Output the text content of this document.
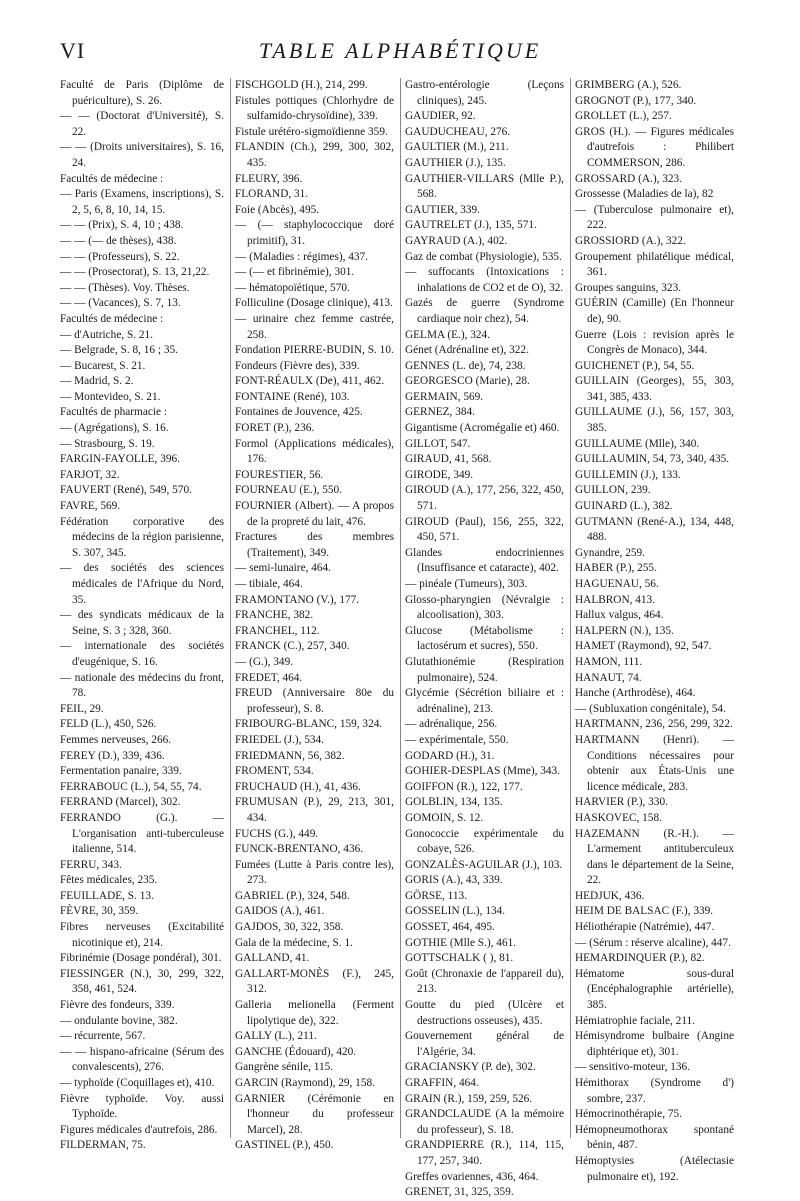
VI	TABLE ALPHABÉTIQUE

Faculté de Paris (Diplôme de puériculture), S. 26.

— — (Doctorat d'Université), S. 22.

— — (Droits universitaires), S. 16, 24.

Facultés de médecine :

— Paris (Examens, inscriptions), S. 2, 5, 6, 8, 10, 14, 15.

— — (Prix), S. 4, 10 ; 438.

— — (— de thèses), 438.

— — (Professeurs), S. 22.

— — (Prosectorat), S. 13, 21,22.

— — (Thèses). Voy. Thèses.

— — (Vacances), S. 7, 13.

Facultés de médecine :

— d'Autriche, S. 21.

— Belgrade, S. 8, 16 ; 35.

— Bucarest, S. 21.

— Madrid, S. 2.

— Montevideo, S. 21.

Facultés de pharmacie :

— (Agrégations), S. 16.

— Strasbourg, S. 19.

FARGIN-FAYOLLE, 396.

FARJOT, 32.

FAUVERT (René), 549, 570.

FAVRE, 569.

Fédération corporative des médecins de la région parisienne, S. 307, 345.

— des sociétés des sciences médicales de l'Afrique du Nord, 35.

— des syndicats médicaux de la Seine, S. 3 ; 328, 360.

— internationale des sociétés d'eugénique, S. 16.

— nationale des médecins du front, 78.

FEIL, 29.

FELD (L.), 450, 526.

Femmes nerveuses, 266.

FEREY (D.), 339, 436.

Fermentation panaire, 339.

FERRABOUC (L.), 54, 55, 74.

FERRAND (Marcel), 302.

FERRANDO (G.). — L'organisation anti-tuberculeuse italienne, 514.

FERRU, 343.

Fêtes médicales, 235.

FEUILLADE, S. 13.

FÈVRE, 30, 359.

Fibres nerveuses (Excitabilité nicotinique et), 214.

Fibrinémie (Dosage pondéral), 301.

FIESSINGER (N.), 30, 299, 322, 358, 461, 524.

Fièvre des fondeurs, 339.

— ondulante bovine, 382.

— récurrente, 567.

— — hispano-africaine (Sérum des convalescents), 276.

— typhoïde (Coquillages et), 410.

Fièvre typhoïde. Voy. aussi Typhoïde.

Figures médicales d'autrefois, 286.

FILDERMAN, 75.

FISCHGOLD (H.), 214, 299.

Fistules pottiques (Chlorhydre de sulfamido-chrysoïdine), 339.

Fistule urétéro-sigmoïdienne 359.

FLANDIN (Ch.), 299, 300, 302, 435.

FLEURY, 396.

FLORAND, 31.

Foie (Abcès), 495.

— (— staphylococcique doré primitif), 31.

— (Maladies : régimes), 437.

— (— et fibrinémie), 301.

— hématopoïétique, 570.

Folliculine (Dosage clinique), 413.

— urinaire chez femme castrée, 258.

Fondation PIERRE-BUDIN, S. 10.

Fondeurs (Fièvre des), 339.

FONT-RÉAULX (De), 411, 462.

FONTAINE (René), 103.

Fontaines de Jouvence, 425.

FORET (P.), 236.

Formol (Applications médicales), 176.

FOURESTIER, 56.

FOURNEAU (E.), 550.

FOURNIER (Albert). — A propos de la propreté du lait, 476.

Fractures des membres (Traitement), 349.

— semi-lunaire, 464.

— tibiale, 464.

FRAMONTANO (V.), 177.

FRANCHE, 382.

FRANCHEL, 112.

FRANCK (C.), 257, 340.

— (G.), 349.

FREDET, 464.

FREUD (Anniversaire 80e du professeur), S. 8.

FRIBOURG-BLANC, 159, 324.

FRIEDEL (J.), 534.

FRIEDMANN, 56, 382.

FROMENT, 534.

FRUCHAUD (H.), 41, 436.

FRUMUSAN (P.), 29, 213, 301, 434.

FUCHS (G.), 449.

FUNCK-BRENTANO, 436.

Fumées (Lutte à Paris contre les), 273.

GABRIEL (P.), 324, 548.

GAIDOS (A.), 461.

GAJDOS, 30, 322, 358.

Gala de la médecine, S. 1.

GALLAND, 41.

GALLART-MONÈS (F.), 245, 312.

Galleria melionella (Ferment lipolytique de), 322.

GALLY (L.), 211.

GANCHE (Édouard), 420.

Gangrène sénile, 115.

GARCIN (Raymond), 29, 158.

GARNIER (Cérémonie en l'honneur du professeur Marcel), 28.

GASTINEL (P.), 450.

Gastro-entérologie (Leçons cliniques), 245.

GAUDIER, 92.

GAUDUCHEAU, 276.

GAULTIER (M.), 211.

GAUTHIER (J.), 135.

GAUTHIER-VILLARS (Mlle P.), 568.

GAUTIER, 339.

GAUTRELET (J.), 135, 571.

GAYRAUD (A.), 402.

Gaz de combat (Physiologie), 535.

— suffocants (Intoxications : inhalations de CO2 et de O), 32.

Gazés de guerre (Syndrome cardiaque noir chez), 54.

GELMA (E.), 324.

Génet (Adrénaline et), 322.

GENNES (L. de), 74, 238.

GEORGESCO (Marie), 28.

GERMAIN, 569.

GERNEZ, 384.

Gigantisme (Acromégalie et) 460.

GILLOT, 547.

GIRAUD, 41, 568.

GIRODE, 349.

GIROUD (A.), 177, 256, 322, 450, 571.

GIROUD (Paul), 156, 255, 322, 450, 571.

Glandes endocriniennes (Insuffisance et cataracte), 402.

— pinéale (Tumeurs), 303.

Glosso-pharyngien (Névralgie : alcoolisation), 303.

Glucose (Métabolisme : lactosérum et sucres), 550.

Glutathionémie (Respiration pulmonaire), 524.

Glycémie (Sécrétion biliaire et : adrénaline), 213.

— adrénalique, 256.

— expérimentale, 550.

GODARD (H.), 31.

GOHIER-DESPLAS (Mme), 343.

GOIFFON (R.), 122, 177.

GOLBLIN, 134, 135.

GOMOIN, S. 12.

Gonococcie expérimentale du cobaye, 526.

GONZALÈS-AGUILAR (J.), 103.

GORIS (A.), 43, 339.

GÖRSE, 113.

GOSSELIN (L.), 134.

GOSSET, 464, 495.

GOTHIE (Mlle S.), 461.

GOTTSCHALK ( ), 81.

Goût (Chronaxie de l'appareil du), 213.

Goutte du pied (Ulcère et destructions osseuses), 435.

Gouvernement général de l'Algérie, 34.

GRACIANSKY (P. de), 302.

GRAFFIN, 464.

GRAIN (R.), 159, 259, 526.

GRANDCLAUDE (A la mémoire du professeur), S. 18.

GRANDPIERRE (R.), 114, 115, 177, 257, 340.

Greffes ovariennes, 436, 464.

GRENET, 31, 325, 359.

GRIMBERG (A.), 526.

GROGNOT (P.), 177, 340.

GROLLET (L.), 257.

GROS (H.). — Figures médicales d'autrefois : Philibert COMMERSON, 286.

GROSSARD (A.), 323.

Grossesse (Maladies de la), 82

— (Tuberculose pulmonaire et), 222.

GROSSIORD (A.), 322.

Groupement philatélique médical, 361.

Groupes sanguins, 323.

GUÉRIN (Camille) (En l'honneur de), 90.

Guerre (Lois : revision après le Congrès de Monaco), 344.

GUICHENET (P.), 54, 55.

GUILLAIN (Georges), 55, 303, 341, 385, 433.

GUILLAUME (J.), 56, 157, 303, 385.

GUILLAUME (Mlle), 340.

GUILLAUMIN, 54, 73, 340, 435.

GUILLEMIN (J.), 133.

GUILLON, 239.

GUINARD (L.), 382.

GUTMANN (René-A.), 134, 448, 488.

Gynandre, 259.

HABER (P.), 255.

HAGUENAU, 56.

HALBRON, 413.

Hallux valgus, 464.

HALPERN (N.), 135.

HAMET (Raymond), 92, 547.

HAMON, 111.

HANAUT, 74.

Hanche (Arthrodèse), 464.

— (Subluxation congénitale), 54.

HARTMANN, 236, 256, 299, 322.

HARTMANN (Henri). — Conditions nécessaires pour obtenir aux États-Unis une licence médicale, 283.

HARVIER (P.), 330.

HASKOVEC, 158.

HAZEMANN (R.-H.). — L'armement antituberculeux dans le département de la Seine, 22.

HEDJUK, 436.

HEIM DE BALSAC (F.), 339.

Héliothérapie (Natrémie), 447.

— (Sérum : réserve alcaline), 447.

HEMARDINQUER (P.), 82.

Hématome sous-dural (Encéphalographie artérielle), 385.

Hémiatrophie faciale, 211.

Hémisyndrome bulbaire (Angine diphtérique et), 301.

— sensitivo-moteur, 136.

Hémithorax (Syndrome d') sombre, 237.

Hémocrinothérapie, 75.

Hémopneumothorax spontané bénin, 487.

Hémoptysies (Atélectasie pulmonaire et), 192.
